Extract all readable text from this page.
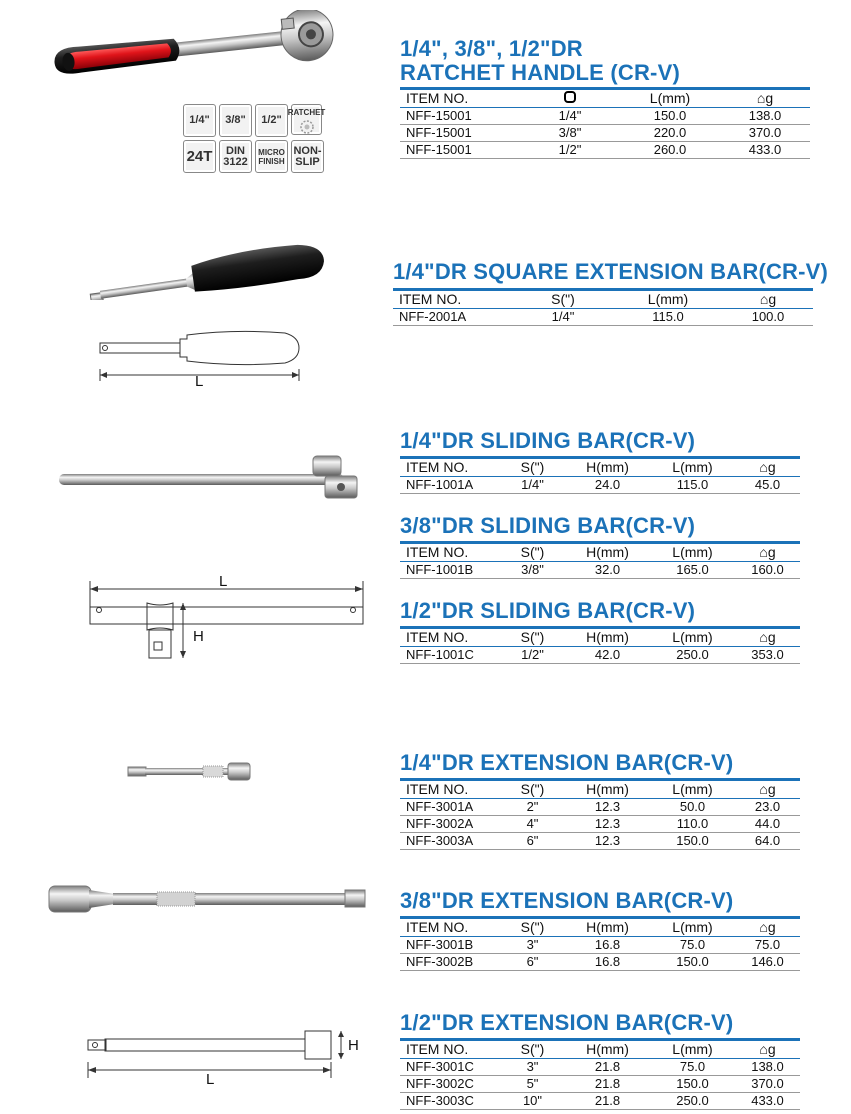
1/4"	3/8"	1/2"
RATCHET
24T	DIN 3122
MICRO FINISH
NON- SLIP
1/4", 3/8", 1/2"DR
RATCHET HANDLE (CR-V)
ITEM NO.		L(mm)	⌂g
NFF-15001	1/4"	150.0	138.0
NFF-15001	3/8"	220.0	370.0
NFF-15001	1/2"	260.0	433.0
L
1/4"DR SQUARE EXTENSION BAR(CR-V)
ITEM NO.	S(")	L(mm)	⌂g
NFF-2001A	1/4"	115.0	100.0
L
H
1/4"DR SLIDING BAR(CR-V)
ITEM NO.	S(")	H(mm)	L(mm)	⌂g
NFF-1001A	1/4"	24.0	115.0	45.0
3/8"DR SLIDING BAR(CR-V)
ITEM NO.	S(")	H(mm)	L(mm)	⌂g
NFF-1001B	3/8"	32.0	165.0	160.0
1/2"DR SLIDING BAR(CR-V)
ITEM NO.	S(")	H(mm)	L(mm)	⌂g
NFF-1001C	1/2"	42.0	250.0	353.0
1/4"DR EXTENSION BAR(CR-V)
ITEM NO.	S(")	H(mm)	L(mm)	⌂g
NFF-3001A	2"	12.3	50.0	23.0
NFF-3002A	4"	12.3	110.0	44.0
NFF-3003A	6"	12.3	150.0	64.0
3/8"DR EXTENSION BAR(CR-V)
ITEM NO.	S(")	H(mm)	L(mm)	⌂g
NFF-3001B	3"	16.8	75.0	75.0
NFF-3002B	6"	16.8	150.0	146.0
L
H
1/2"DR EXTENSION BAR(CR-V)
ITEM NO.	S(")	H(mm)	L(mm)	⌂g
NFF-3001C	3"	21.8	75.0	138.0
NFF-3002C	5"	21.8	150.0	370.0
NFF-3003C	10"	21.8	250.0	433.0
